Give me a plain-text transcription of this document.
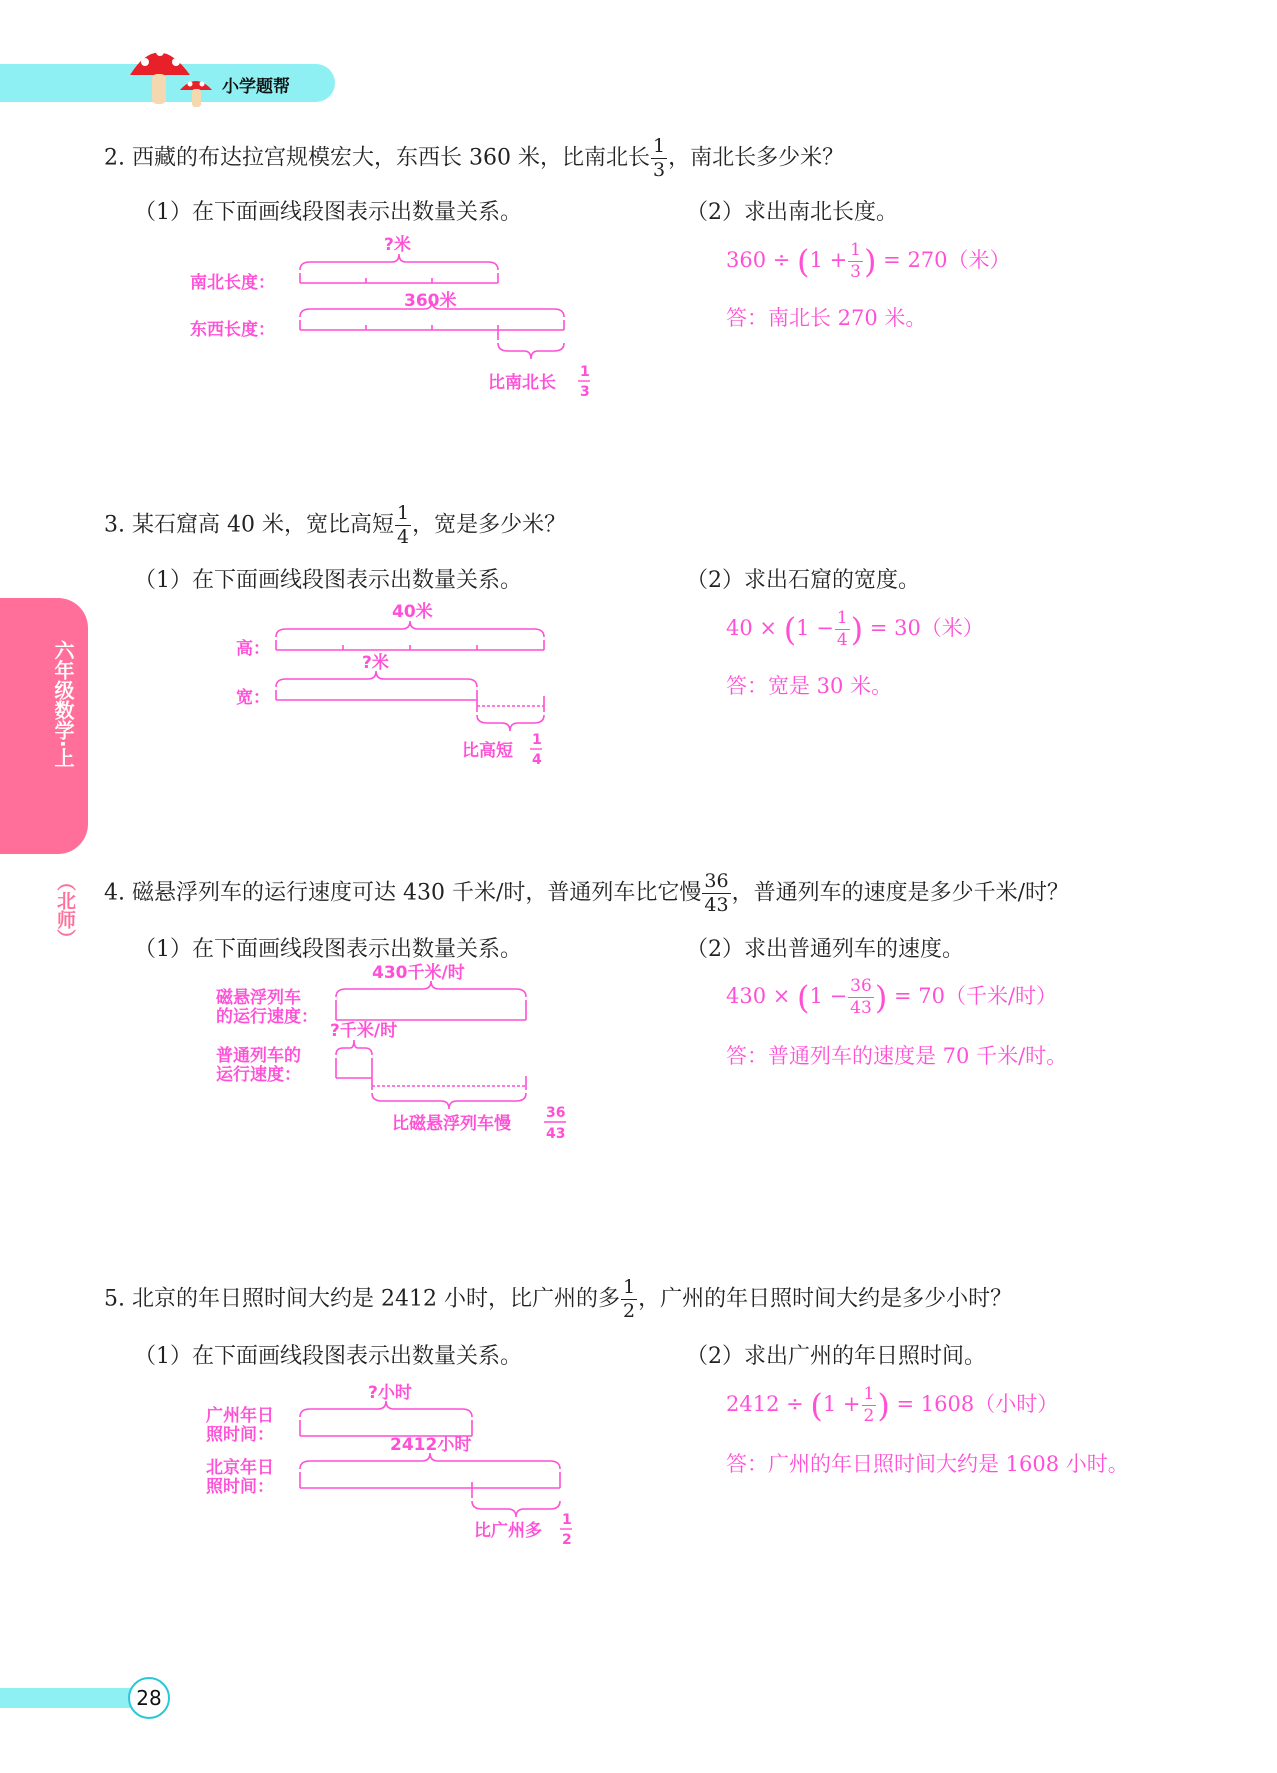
小学题帮
六年级数学·上
（北师）
2. 西藏的布达拉宫规模宏大，东西长 360 米，比南北长 $\frac{1}{3}$ ，南北长多少米？
（1）在下面画线段图表示出数量关系。	（2）求出南北长度。
$360 \div (1 + \frac{1}{3}$ ) = 270（米）
答：南北长 270 米。
3. 某石窟高 40 米，宽比高短 $\frac{1}{4}$ ，宽是多少米？
（1）在下面画线段图表示出数量关系。	（2）求出石窟的宽度。
$40 \times (1 - \frac{1}{4}$ ) = 30（米）
答：宽是 30 米。
4. 磁悬浮列车的运行速度可达 430 千米/时，普通列车比它慢 $\frac{36}{43}$ ，普通列车的速度是多少千米/时？
（1）在下面画线段图表示出数量关系。	（2）求出普通列车的速度。
$430 \times (1 - \frac{36}{43}$ ) = 70（千米/时）
答：普通列车的速度是 70 千米/时。
5. 北京的年日照时间大约是 2412 小时，比广州的多 $\frac{1}{2}$ ，广州的年日照时间大约是多少小时？
（1）在下面画线段图表示出数量关系。	（2）求出广州的年日照时间。
$2412 \div (1 + \frac{1}{2}$ ) = 1608（小时）
答：广州的年日照时间大约是 1608 小时。
?米
南北长度：
360米
东西长度：
比南北长
1
3
40米
高：
?米
宽：
比高短
1
4
430千米/时
磁悬浮列车
的运行速度：
?千米/时
普通列车的
运行速度：
比磁悬浮列车慢
36
43
?小时
广州年日
照时间：	2412小时
北京年日
照时间：
比广州多
1
2
28
